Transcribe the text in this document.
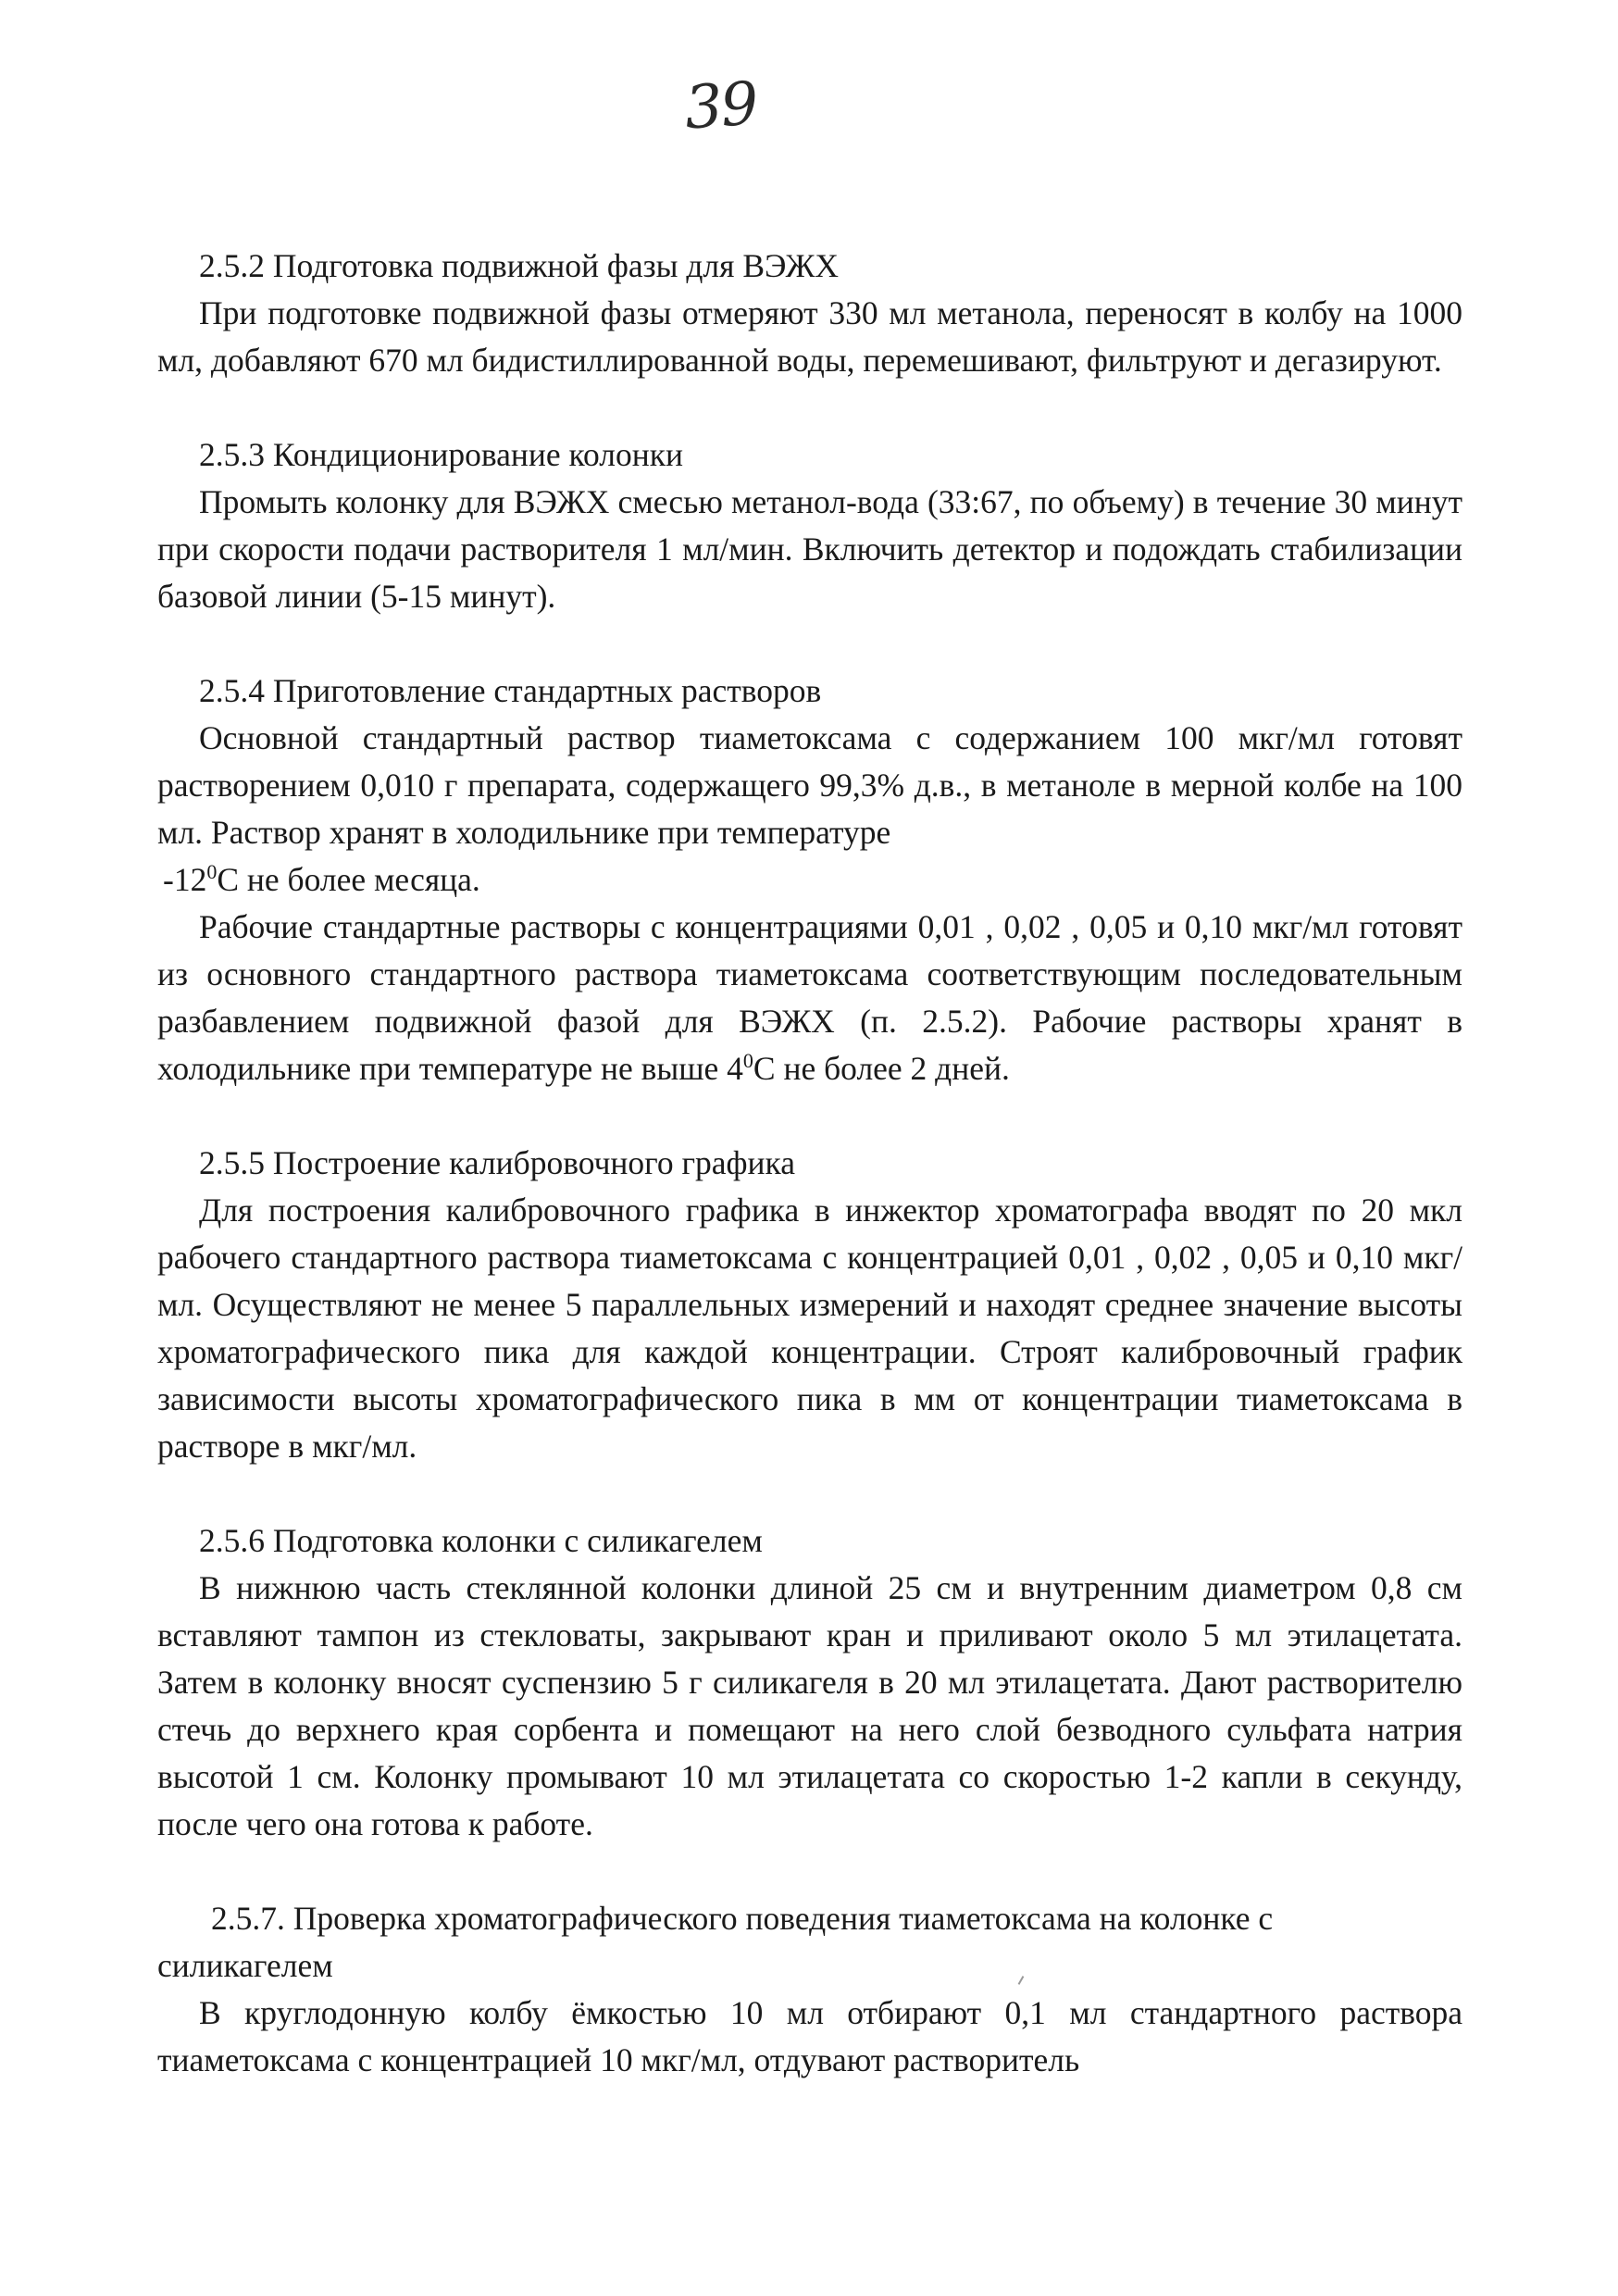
39

2.5.2 Подготовка подвижной фазы для ВЭЖХ

При подготовке подвижной фазы отмеряют 330 мл метанола, переносят в колбу на 1000 мл, добавляют 670 мл бидистиллированной воды, перемешивают, фильтруют и дегазируют.

2.5.3 Кондиционирование колонки

Промыть колонку для ВЭЖХ смесью метанол-вода (33:67, по объему) в течение 30 минут при скорости подачи растворителя 1 мл/мин. Включить детектор и подождать стабилизации базовой линии (5-15 минут).

2.5.4 Приготовление стандартных растворов

Основной стандартный раствор тиаметоксама с содержанием 100 мкг/мл готовят растворением 0,010 г препарата, содержащего 99,3% д.в., в метаноле в мерной колбе на 100 мл. Раствор хранят в холодильнике при температуре

$-12^0С$ не более месяца.

Рабочие стандартные растворы с концентрациями 0,01 , 0,02 , 0,05 и 0,10 мкг/мл готовят из основного стандартного раствора тиаметоксама соответствующим последовательным разбавлением подвижной фазой для ВЭЖХ (п. 2.5.2). Рабочие растворы хранят в холодильнике при температуре не выше $4^0С$ не более 2 дней.

2.5.5 Построение калибровочного графика

Для построения калибровочного графика в инжектор хроматографа вводят по 20 мкл рабочего стандартного раствора тиаметоксама с концентрацией 0,01 , 0,02 , 0,05 и 0,10 мкг/мл. Осуществляют не менее 5 параллельных измерений и находят среднее значение высоты хроматографического пика для каждой концентрации. Строят калибровочный график зависимости высоты хроматографического пика в мм от концентрации тиаметоксама в растворе в мкг/мл.

2.5.6 Подготовка колонки с силикагелем

В нижнюю часть стеклянной колонки длиной 25 см и внутренним диаметром 0,8 см вставляют тампон из стекловаты, закрывают кран и приливают около 5 мл этилацетата. Затем в колонку вносят суспензию 5 г силикагеля в 20 мл этилацетата. Дают растворителю стечь до верхнего края сорбента и помещают на него слой безводного сульфата натрия высотой 1 см. Колонку промывают 10 мл этилацетата со скоростью 1-2 капли в секунду, после чего она готова к работе.

2.5.7. Проверка хроматографического поведения тиаметоксама на колонке с

силикагелем

В круглодонную колбу ёмкостью 10 мл отбирают 0,1 мл стандартного раствора тиаметоксама с концентрацией 10 мкг/мл, отдувают растворитель
